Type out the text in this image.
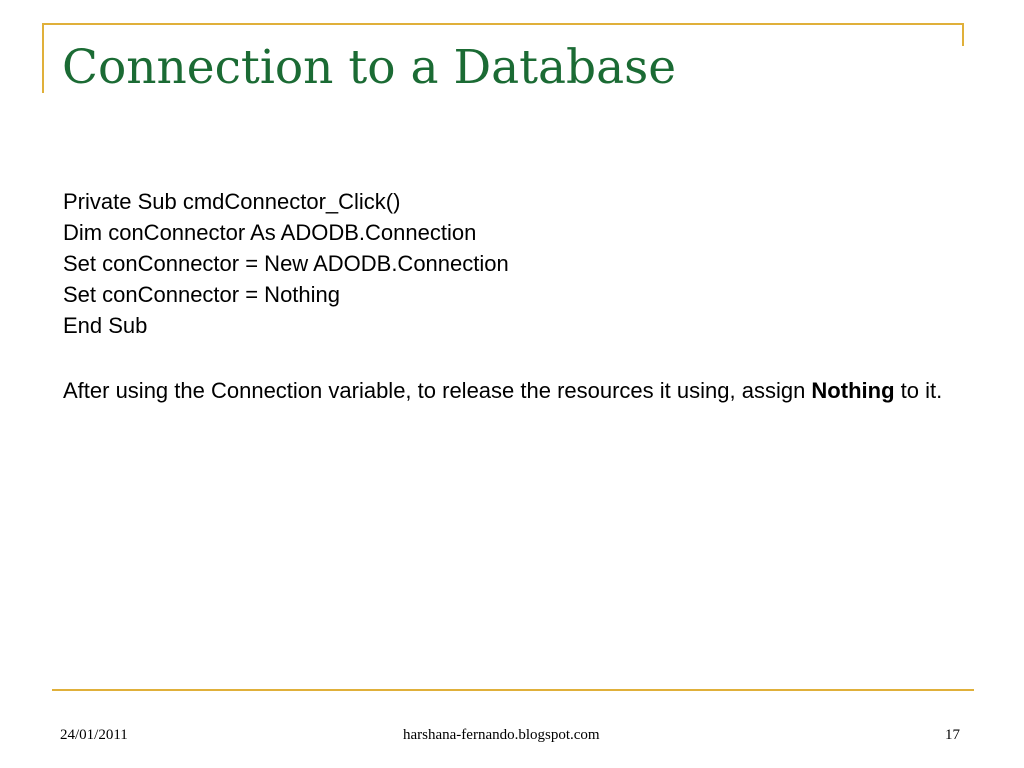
Connection to a Database
Private Sub cmdConnector_Click()
Dim conConnector As ADODB.Connection
Set conConnector = New ADODB.Connection
Set conConnector = Nothing
End Sub

After using the Connection variable, to release the resources it using, assign Nothing to it.

24/01/2011	harshana-fernando.blogspot.com	17
